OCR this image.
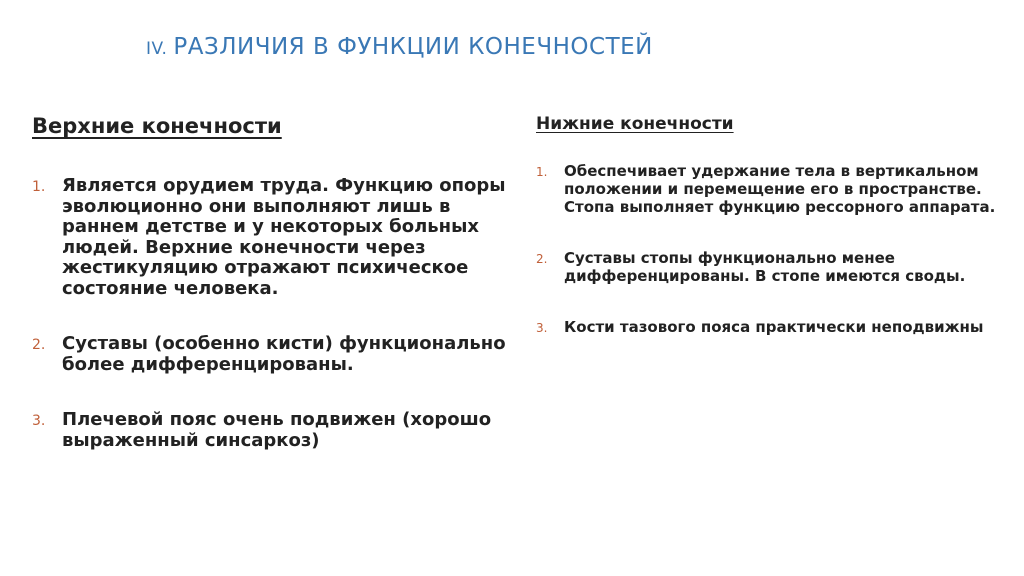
IV. РАЗЛИЧИЯ В ФУНКЦИИ КОНЕЧНОСТЕЙ
Верхние конечности
1. Является орудием труда. Функцию опоры эволюционно они выполняют лишь в раннем детстве и у некоторых больных людей. Верхние конечности через жестикуляцию отражают психическое состояние человека.
2. Суставы (особенно кисти) функционально более дифференцированы.
3. Плечевой пояс очень подвижен (хорошо выраженный синсаркоз)
Нижние конечности
1. Обеспечивает удержание тела в вертикальном положении и перемещение его в пространстве. Стопа выполняет функцию рессорного аппарата.
2. Суставы стопы функционально менее дифференцированы. В стопе имеются своды.
3. Кости тазового пояса практически неподвижны
